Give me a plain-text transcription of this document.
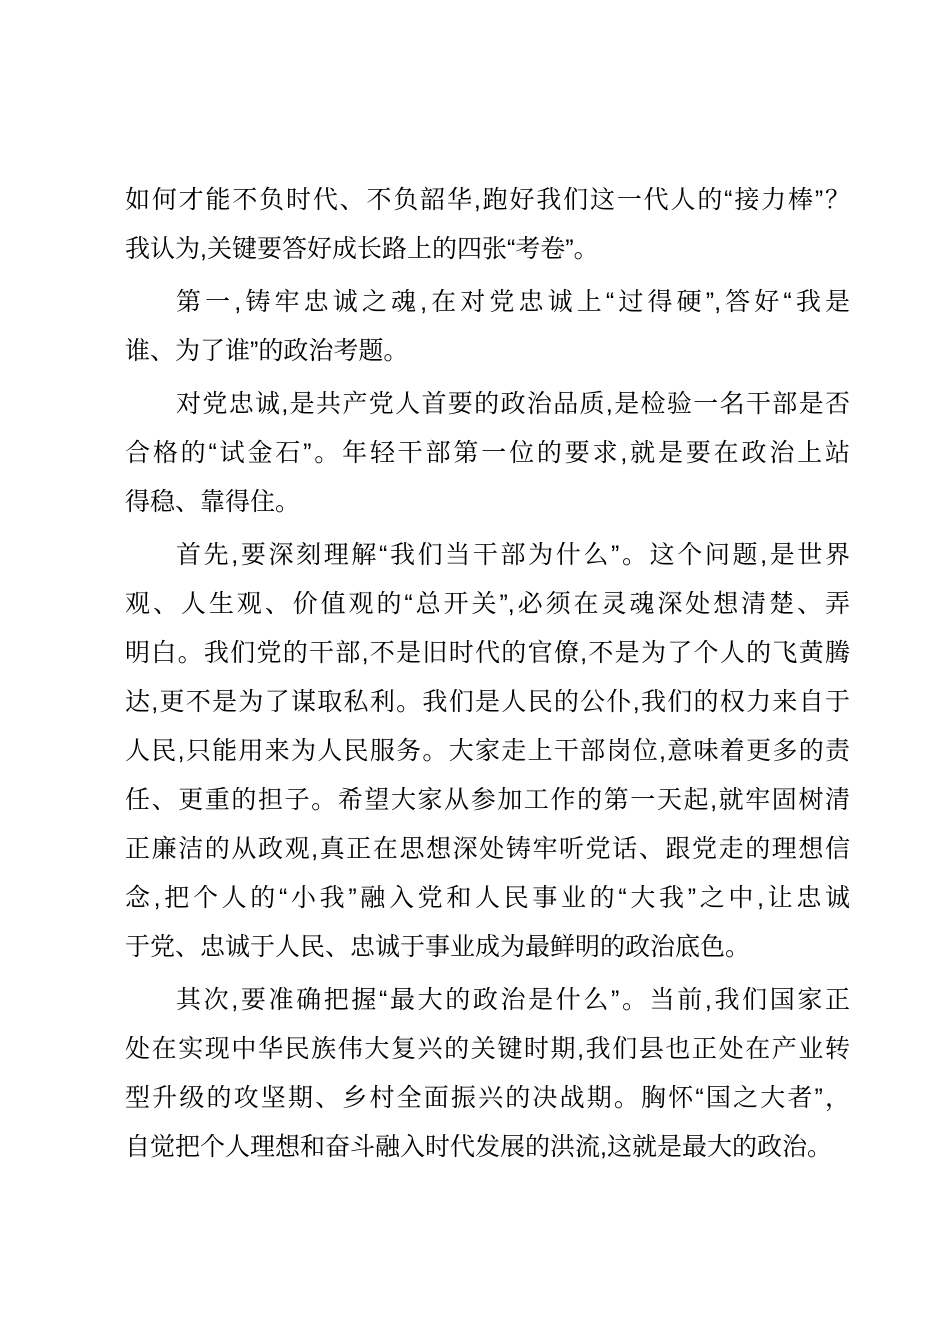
如何才能不负时代、不负韶华,跑好我们这一代人的“接力棒”？
我认为,关键要答好成长路上的四张“考卷”。
第一,铸牢忠诚之魂,在对党忠诚上“过得硬”,答好“我是
谁、为了谁”的政治考题。
对党忠诚,是共产党人首要的政治品质,是检验一名干部是否
合格的“试金石”。年轻干部第一位的要求,就是要在政治上站
得稳、靠得住。
首先,要深刻理解“我们当干部为什么”。这个问题,是世界
观、人生观、价值观的“总开关”,必须在灵魂深处想清楚、弄
明白。我们党的干部,不是旧时代的官僚,不是为了个人的飞黄腾
达,更不是为了谋取私利。我们是人民的公仆,我们的权力来自于
人民,只能用来为人民服务。大家走上干部岗位,意味着更多的责
任、更重的担子。希望大家从参加工作的第一天起,就牢固树清
正廉洁的从政观,真正在思想深处铸牢听党话、跟党走的理想信
念,把个人的“小我”融入党和人民事业的“大我”之中,让忠诚
于党、忠诚于人民、忠诚于事业成为最鲜明的政治底色。
其次,要准确把握“最大的政治是什么”。当前,我们国家正
处在实现中华民族伟大复兴的关键时期,我们县也正处在产业转
型升级的攻坚期、乡村全面振兴的决战期。胸怀“国之大者”，
自觉把个人理想和奋斗融入时代发展的洪流,这就是最大的政治。
